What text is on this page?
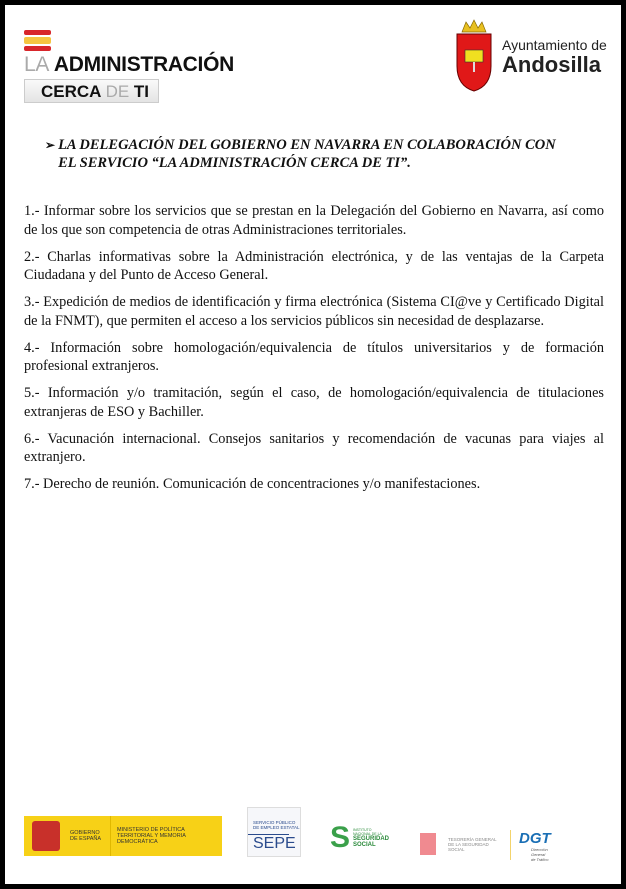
LA ADMINISTRACIÓN
CERCA DE TI
Ayuntamiento de
Andosilla
➢ LA DELEGACIÓN DEL GOBIERNO EN NAVARRA EN COLABORACIÓN CON EL SERVICIO “LA ADMINISTRACIÓN CERCA DE TI”.

1.- Informar sobre los servicios que se prestan en la Delegación del Gobierno en Navarra, así como de los que son competencia de otras Administraciones territoriales.

2.- Charlas informativas sobre la Administración electrónica, y de las ventajas de la Carpeta Ciudadana y del Punto de Acceso General.

3.- Expedición de medios de identificación y firma electrónica (Sistema CI@ve y Certificado Digital de la FNMT), que permiten el acceso a los servicios públicos sin necesidad de desplazarse.

4.- Información sobre homologación/equivalencia de títulos universitarios y de formación profesional extranjeros.

5.- Información y/o tramitación, según el caso, de homologación/equivalencia de titulaciones extranjeras de ESO y Bachiller.

6.- Vacunación internacional. Consejos sanitarios y recomendación de vacunas para viajes al extranjero.

7.- Derecho de reunión. Comunicación de concentraciones y/o manifestaciones.

GOBIERNO DE ESPAÑA
MINISTERIO DE POLÍTICA TERRITORIAL Y MEMORIA DEMOCRÁTICA
SERVICIO PÚBLICO DE EMPLEO ESTATAL
SEPE S INSTITUTO NACIONAL DE LA
SEGURIDAD SOCIAL
TESORERÍA GENERAL DE LA SEGURIDAD SOCIAL
DGT
Dirección General de Tráfico
